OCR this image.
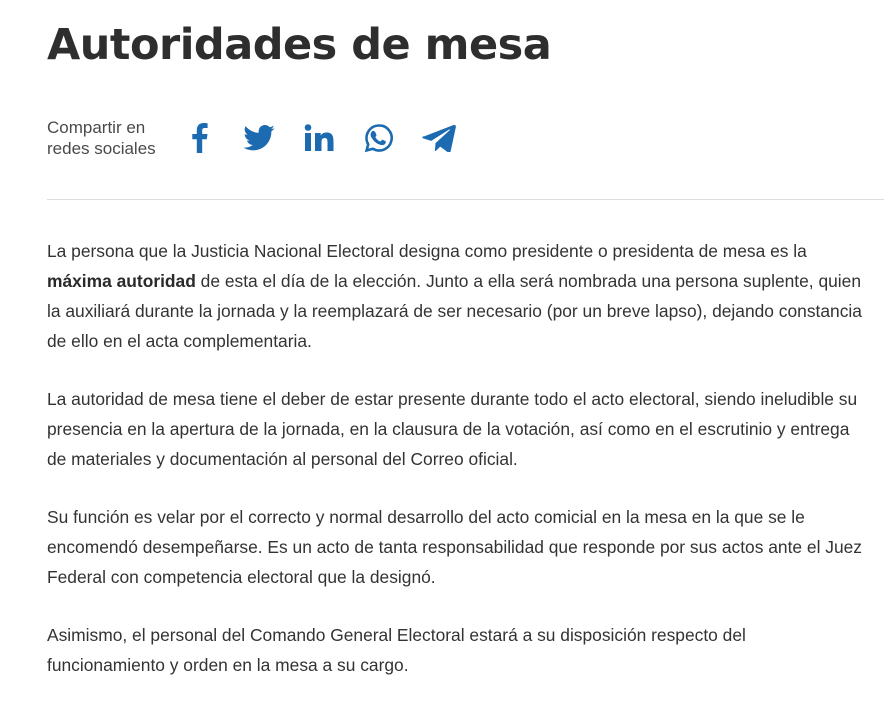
Autoridades de mesa
Compartir en
redes sociales

La persona que la Justicia Nacional Electoral designa como presidente o presidenta de mesa es la máxima autoridad de esta el día de la elección. Junto a ella será nombrada una persona suplente, quien la auxiliará durante la jornada y la reemplazará de ser necesario (por un breve lapso), dejando constancia de ello en el acta complementaria.

La autoridad de mesa tiene el deber de estar presente durante todo el acto electoral, siendo ineludible su presencia en la apertura de la jornada, en la clausura de la votación, así como en el escrutinio y entrega de materiales y documentación al personal del Correo oficial.

Su función es velar por el correcto y normal desarrollo del acto comicial en la mesa en la que se le encomendó desempeñarse. Es un acto de tanta responsabilidad que responde por sus actos ante el Juez Federal con competencia electoral que la designó.

Asimismo, el personal del Comando General Electoral estará a su disposición respecto del funcionamiento y orden en la mesa a su cargo.
